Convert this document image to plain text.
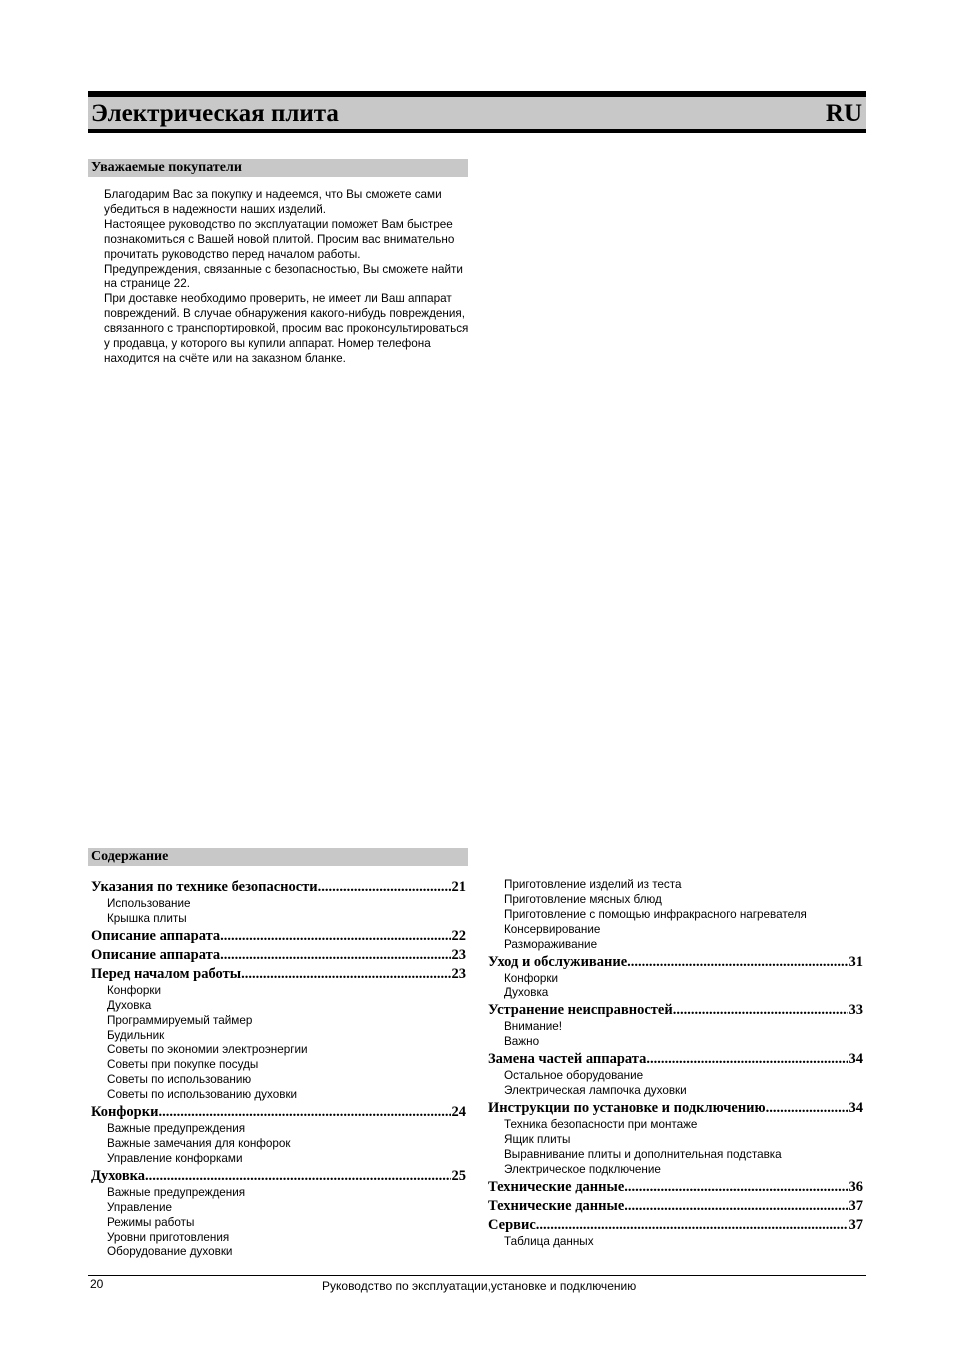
Электрическая плита	RU
Уважаемые покупатели

Благодарим Вас за покупку и надеемся, что Вы сможете сами убедиться в надежности наших изделий.

Настоящее руководство по эксплуатации поможет Вам быстрее познакомиться с Вашей новой плитой. Просим вас внимательно прочитать руководство перед началом работы.

Предупреждения, связанные с безопасностью, Вы сможете найти на странице 22.

При доставке необходимо проверить, не имеет ли Ваш аппарат повреждений. В случае обнаружения какого-нибудь повреждения, связанного с транспортировкой, просим вас проконсультироваться у продавца, у которого вы купили аппарат. Номер телефона находится на счёте или на заказном бланке.

Содержание
Указания по технике безопасности .....	21
Использование
Крышка плиты
Описание аппарата .....	22
Описание аппарата .....	23
Перед началом работы .....	23
Конфорки
Духовка
Программируемый таймер
Будильник
Советы по экономии электроэнергии
Советы при покупке посуды
Советы по использованию
Советы по использованию духовки
Конфорки .....	24
Важные предупреждения
Важные замечания для конфорок
Управление конфорками
Духовка .....	25
Важные предупреждения
Управление
Режимы работы
Уровни приготовления
Оборудование духовки
Приготовление изделий из теста
Приготовление мясных блюд
Приготовление с помощью инфракрасного нагревателя
Консервирование
Размораживание
Уход и обслуживание .....	31
Конфорки
Духовка
Устранение неисправностей .....	33
Внимание!
Важно
Замена частей аппарата .....	34
Остальное оборудование
Электрическая лампочка духовки
Инструкции по установке и подключению .....	34
Техника безопасности при монтаже
Ящик плиты
Выравнивание плиты и дополнительная подставка
Электрическое подключение
Технические данные .....	36
Технические данные .....	37
Сервис .....	37
Таблица данных
20	Руководство по эксплуатации,установке и подключению
